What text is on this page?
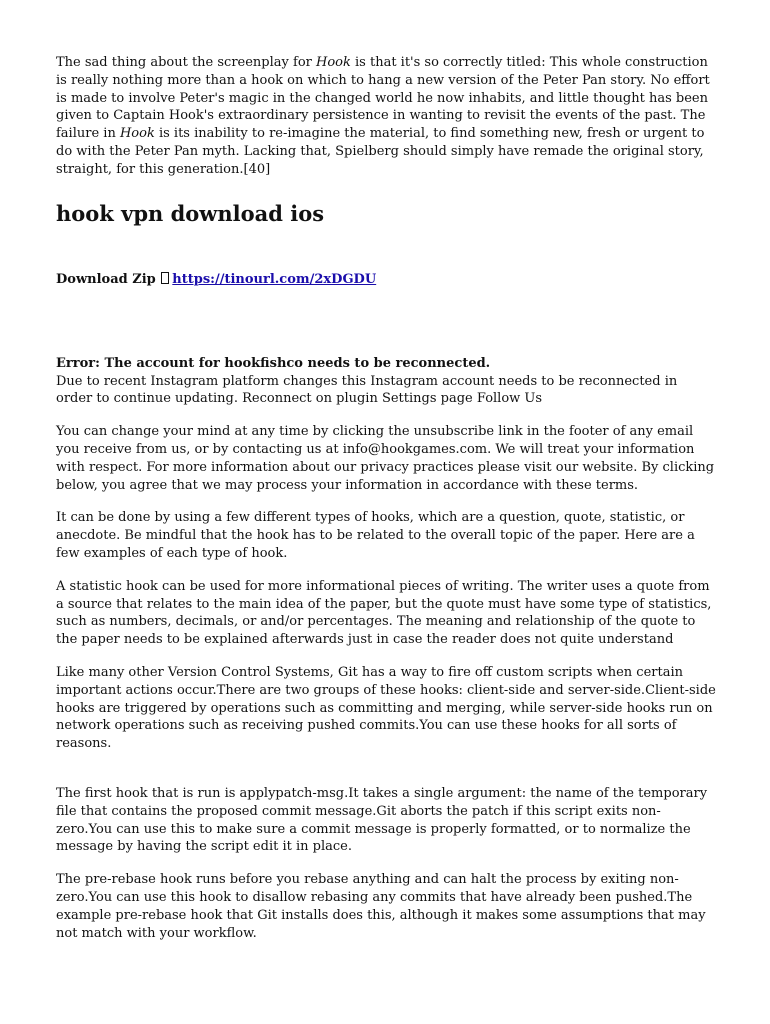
The sad thing about the screenplay for Hook is that it's so correctly titled: This whole construction is really nothing more than a hook on which to hang a new version of the Peter Pan story. No effort is made to involve Peter's magic in the changed world he now inhabits, and little thought has been given to Captain Hook's extraordinary persistence in wanting to revisit the events of the past. The failure in Hook is its inability to re-imagine the material, to find something new, fresh or urgent to do with the Peter Pan myth. Lacking that, Spielberg should simply have remade the original story, straight, for this generation.[40]

hook vpn download ios

Download Zip https://tinourl.com/2xDGDU

Error: The account for hookfishco needs to be reconnected.

Due to recent Instagram platform changes this Instagram account needs to be reconnected in order to continue updating. Reconnect on plugin Settings page Follow Us

You can change your mind at any time by clicking the unsubscribe link in the footer of any email you receive from us, or by contacting us at info@hookgames.com. We will treat your information with respect. For more information about our privacy practices please visit our website. By clicking below, you agree that we may process your information in accordance with these terms.

It can be done by using a few different types of hooks, which are a question, quote, statistic, or anecdote. Be mindful that the hook has to be related to the overall topic of the paper. Here are a few examples of each type of hook.

A statistic hook can be used for more informational pieces of writing. The writer uses a quote from a source that relates to the main idea of the paper, but the quote must have some type of statistics, such as numbers, decimals, or and/or percentages. The meaning and relationship of the quote to the paper needs to be explained afterwards just in case the reader does not quite understand

Like many other Version Control Systems, Git has a way to fire off custom scripts when certain important actions occur.There are two groups of these hooks: client-side and server-side.Client-side hooks are triggered by operations such as committing and merging, while server-side hooks run on network operations such as receiving pushed commits.You can use these hooks for all sorts of reasons.

The first hook that is run is applypatch-msg.It takes a single argument: the name of the temporary file that contains the proposed commit message.Git aborts the patch if this script exits non-zero.You can use this to make sure a commit message is properly formatted, or to normalize the message by having the script edit it in place.

The pre-rebase hook runs before you rebase anything and can halt the process by exiting non-zero.You can use this hook to disallow rebasing any commits that have already been pushed.The example pre-rebase hook that Git installs does this, although it makes some assumptions that may not match with your workflow.
